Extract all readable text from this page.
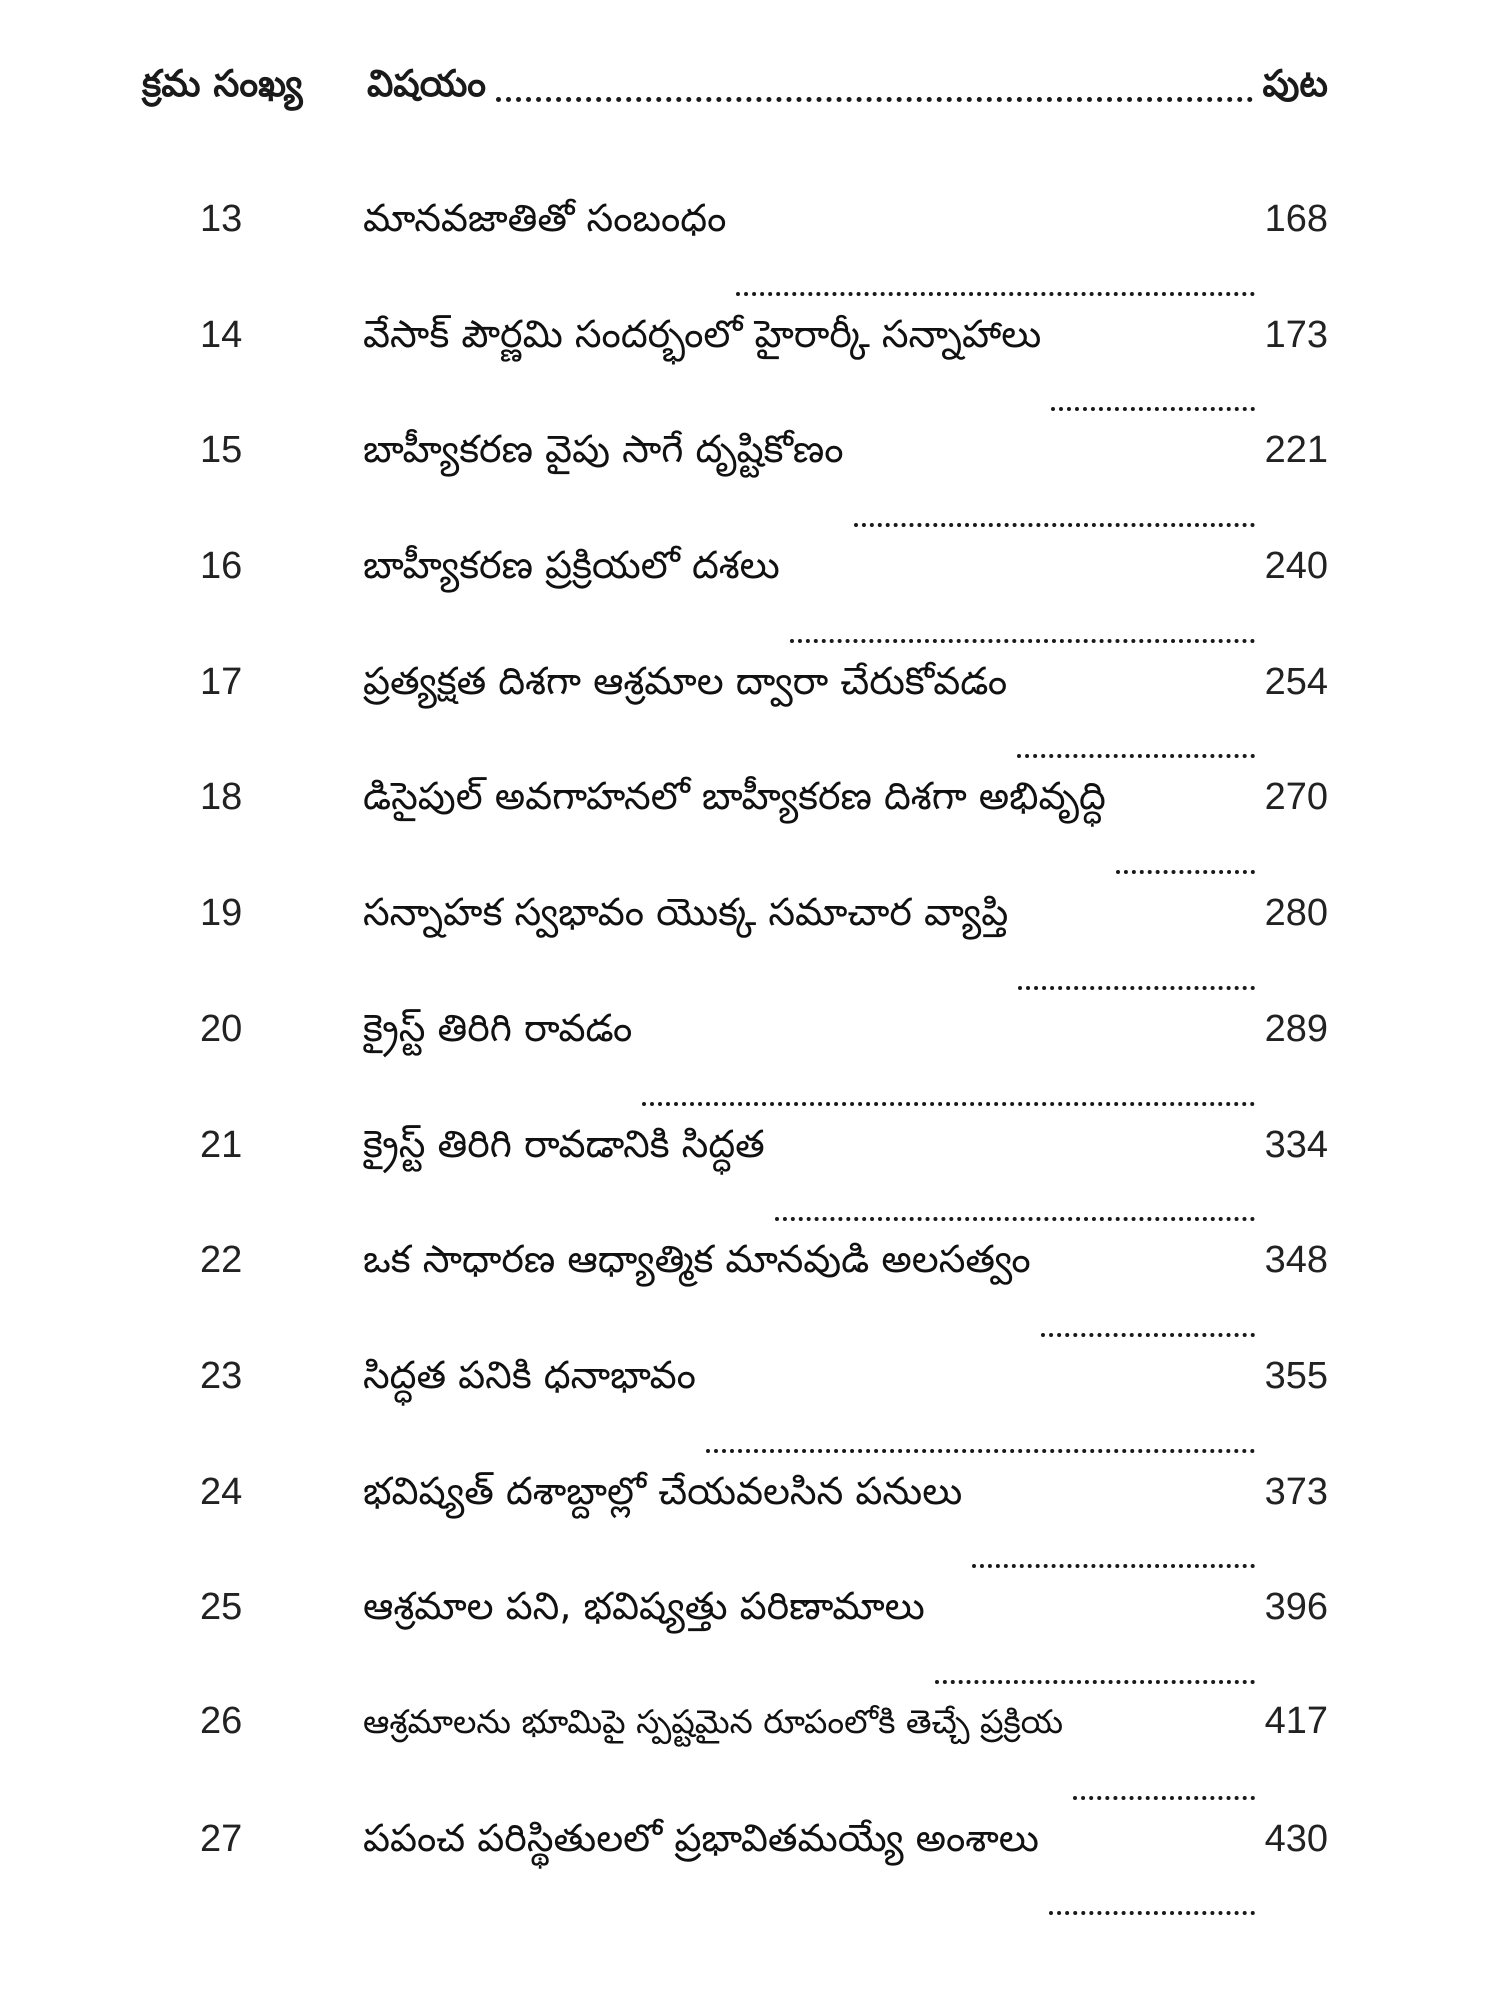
క్రమ సంఖ్య	విషయం	పుట
13	మానవజాతితో సంబంధం	168
14	వేసాక్ పౌర్ణమి సందర్భంలో హైరార్కీ సన్నాహాలు	173
15	బాహ్యీకరణ వైపు సాగే దృష్టికోణం	221
16	బాహ్యీకరణ ప్రక్రియలో దశలు	240
17	ప్రత్యక్షత దిశగా ఆశ్రమాల ద్వారా చేరుకోవడం	254
18	డిసైపుల్ అవగాహనలో బాహ్యీకరణ దిశగా అభివృద్ధి	270
19	సన్నాహక స్వభావం యొక్క సమాచార వ్యాప్తి	280
20	క్రైస్ట్ తిరిగి రావడం	289
21	క్రైస్ట్ తిరిగి రావడానికి సిద్ధత	334
22	ఒక సాధారణ ఆధ్యాత్మిక మానవుడి అలసత్వం	348
23	సిద్ధత పనికి ధనాభావం	355
24	భవిష్యత్ దశాబ్దాల్లో చేయవలసిన పనులు	373
25	ఆశ్రమాల పని, భవిష్యత్తు పరిణామాలు	396
26	ఆశ్రమాలను భూమిపై స్పష్టమైన రూపంలోకి తెచ్చే ప్రక్రియ	417
27	పపంచ పరిస్థితులలో ప్రభావితమయ్యే అంశాలు	430
